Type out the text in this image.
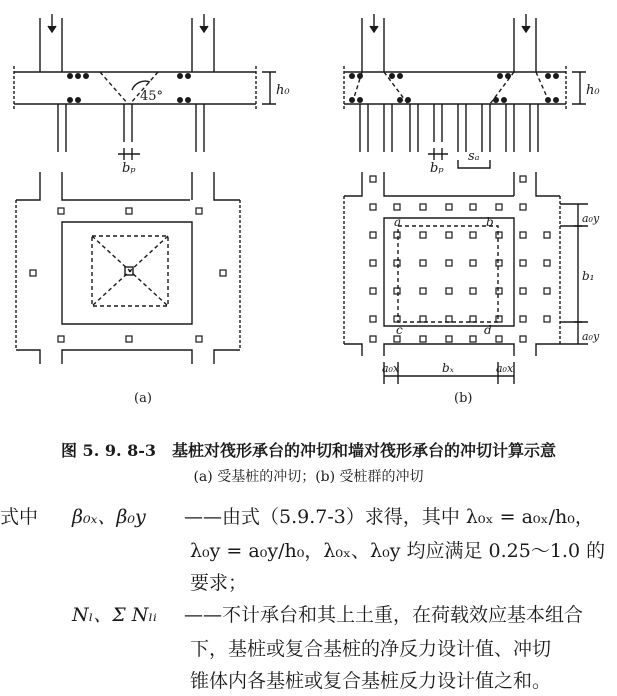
45°	h₀
bₚ
(a)
h₀
bₚ
sₐ
a	b
c	d
a₀y
b₁
a₀y
a₀x	bₓ	a₀x
(b)
图 5. 9. 8-3　基桩对筏形承台的冲切和墙对筏形承台的冲切计算示意
(a) 受基桩的冲切；(b) 受桩群的冲切
式中 β₀ₓ、β₀y ——由式（5.9.7-3）求得，其中 λ₀ₓ = a₀ₓ/h₀，
λ₀y = a₀y/h₀，λ₀ₓ、λ₀y 均应满足 0.25～1.0 的
要求；
Nₗ、Σ Nₗᵢ ——不计承台和其上土重，在荷载效应基本组合
下，基桩或复合基桩的净反力设计值、冲切
锥体内各基桩或复合基桩反力设计值之和。
